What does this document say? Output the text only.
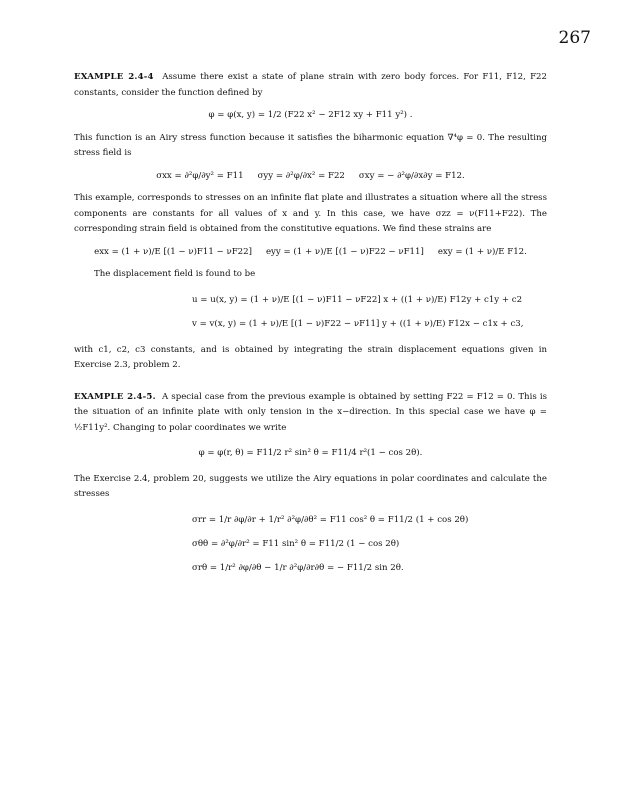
267

EXAMPLE 2.4-4 Assume there exist a state of plane strain with zero body forces. For F11, F12, F22 constants, consider the function defined by

φ = φ(x, y) = 1/2 (F22 x² − 2F12 xy + F11 y²) .

This function is an Airy stress function because it satisfies the biharmonic equation ∇⁴φ = 0. The resulting stress field is

σxx = ∂²φ/∂y² = F11 σyy = ∂²φ/∂x² = F22 σxy = − ∂²φ/∂x∂y = F12.

This example, corresponds to stresses on an infinite flat plate and illustrates a situation where all the stress components are constants for all values of x and y. In this case, we have σzz = ν(F11+F22). The corresponding strain field is obtained from the constitutive equations. We find these strains are

exx = (1 + ν)/E [(1 − ν)F11 − νF22] eyy = (1 + ν)/E [(1 − ν)F22 − νF11] exy = (1 + ν)/E F12.

The displacement field is found to be

u = u(x, y) = (1 + ν)/E [(1 − ν)F11 − νF22] x + ((1 + ν)/E) F12y + c1y + c2
v = v(x, y) = (1 + ν)/E [(1 − ν)F22 − νF11] y + ((1 + ν)/E) F12x − c1x + c3,

with c1, c2, c3 constants, and is obtained by integrating the strain displacement equations given in Exercise 2.3, problem 2.

EXAMPLE 2.4-5. A special case from the previous example is obtained by setting F22 = F12 = 0. This is the situation of an infinite plate with only tension in the x−direction. In this special case we have φ = ½F11y². Changing to polar coordinates we write

φ = φ(r, θ) = F11/2 r² sin² θ = F11/4 r²(1 − cos 2θ).

The Exercise 2.4, problem 20, suggests we utilize the Airy equations in polar coordinates and calculate the stresses

σrr = 1/r ∂φ/∂r + 1/r² ∂²φ/∂θ² = F11 cos² θ = F11/2 (1 + cos 2θ)
σθθ = ∂²φ/∂r² = F11 sin² θ = F11/2 (1 − cos 2θ)
σrθ = 1/r² ∂φ/∂θ − 1/r ∂²φ/∂r∂θ = − F11/2 sin 2θ.
